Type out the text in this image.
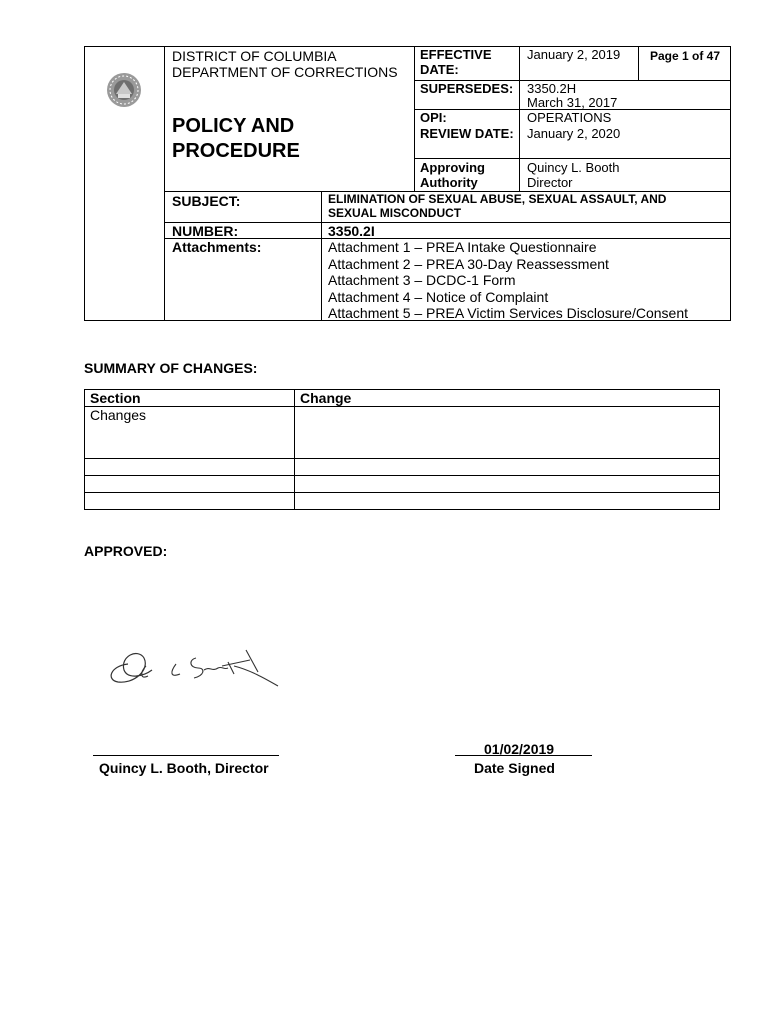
DISTRICT OF COLUMBIA
DEPARTMENT OF CORRECTIONS
POLICY AND
PROCEDURE
EFFECTIVE
DATE:
January 2, 2019 Page 1 of 47
SUPERSEDES: 3350.2H
March 31, 2017
OPI:	OPERATIONS
REVIEW DATE: January 2, 2020
Approving
Authority
Quincy L. Booth
Director
SUBJECT:	ELIMINATION OF SEXUAL ABUSE, SEXUAL ASSAULT, AND
SEXUAL MISCONDUCT
NUMBER:	3350.2I
Attachments:	Attachment 1 – PREA Intake Questionnaire
Attachment 2 – PREA 30-Day Reassessment
Attachment 3 – DCDC-1 Form
Attachment 4 – Notice of Complaint
Attachment 5 – PREA Victim Services Disclosure/Consent
SUMMARY OF CHANGES:
Section	Change
Changes
APPROVED:
Quincy L. Booth, Director
01/02/2019
Date Signed
